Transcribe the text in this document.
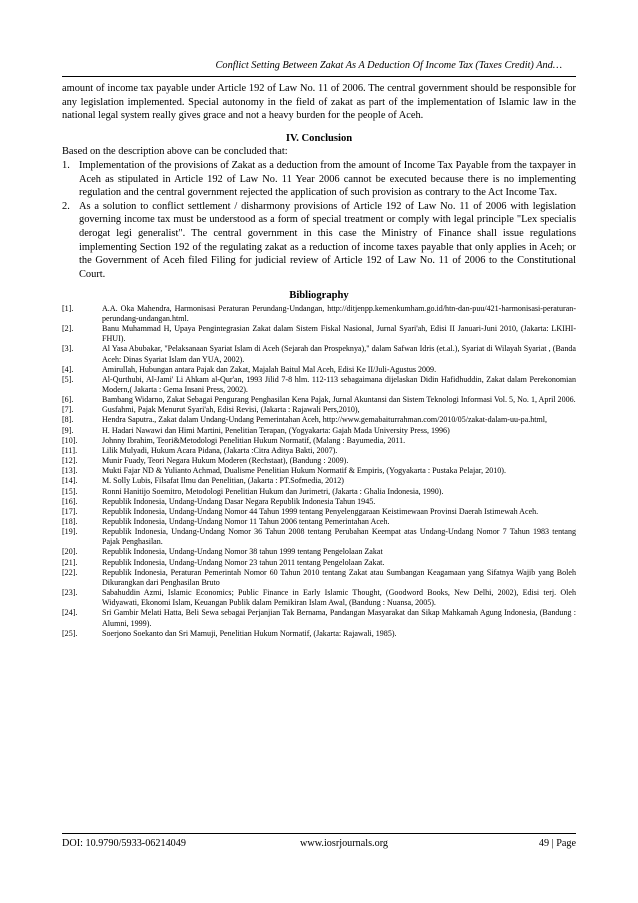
Conflict Setting Between Zakat As A Deduction Of Income Tax (Taxes Credit) And…

amount of income tax payable under Article 192 of Law No. 11 of 2006. The central government should be responsible for any legislation implemented. Special autonomy in the field of zakat as part of the implementation of Islamic law in the national legal system really gives grace and not a heavy burden for the people of Aceh.

IV. Conclusion

Based on the description above can be concluded that:

1. Implementation of the provisions of Zakat as a deduction from the amount of Income Tax Payable from the taxpayer in Aceh as stipulated in Article 192 of Law No. 11 Year 2006 cannot be executed because there is no implementing regulation and the central government rejected the application of such provision as contrary to the Act Income Tax.
2. As a solution to conflict settlement / disharmony provisions of Article 192 of Law No. 11 of 2006 with legislation governing income tax must be understood as a form of special treatment or comply with legal principle "Lex specialis derogat legi generalist". The central government in this case the Ministry of Finance shall issue regulations implementing Section 192 of the regulating zakat as a reduction of income taxes payable that only applies in Aceh; or the Government of Aceh filed Filing for judicial review of Article 192 of Law No. 11 of 2006 to the Constitutional Court.
Bibliography
[1].	A.A. Oka Mahendra, Harmonisasi Peraturan Perundang-Undangan, http://ditjenpp.kemenkumham.go.id/htn-dan-puu/421-harmonisasi-peraturan-perundang-undangan.html.
[2].	Banu Muhammad H, Upaya Pengintegrasian Zakat dalam Sistem Fiskal Nasional, Jurnal Syari'ah, Edisi II Januari-Juni 2010, (Jakarta: LKIHI-FHUI).
[3].	Al Yasa Abubakar, "Pelaksanaan Syariat Islam di Aceh (Sejarah dan Prospeknya)," dalam Safwan Idris (et.al.), Syariat di Wilayah Syariat , (Banda Aceh: Dinas Syariat Islam dan YUA, 2002).
[4].	Amirullah, Hubungan antara Pajak dan Zakat, Majalah Baitul Mal Aceh, Edisi Ke II/Juli-Agustus 2009.
[5].	Al-Qurthubi, Al-Jami' Li Ahkam al-Qur'an, 1993 Jilid 7-8 hlm. 112-113 sebagaimana dijelaskan Didin Hafidhuddin, Zakat dalam Perekonomian Modern,( Jakarta : Gema Insani Press, 2002).
[6].	Bambang Widarno, Zakat Sebagai Pengurang Penghasilan Kena Pajak, Jurnal Akuntansi dan Sistem Teknologi Informasi Vol. 5, No. 1, April 2006.
[7].	Gusfahmi, Pajak Menurut Syari'ah, Edisi Revisi, (Jakarta : Rajawali Pers,2010),
[8].	Hendra Saputra., Zakat dalam Undang-Undang Pemerintahan Aceh, http://www.gemabaiturrahman.com/2010/05/zakat-dalam-uu-pa.html,
[9].	H. Hadari Nawawi dan Himi Martini, Penelitian Terapan, (Yogyakarta: Gajah Mada University Press, 1996)
[10].	Johnny Ibrahim, Teori&Metodologi Penelitian Hukum Normatif, (Malang : Bayumedia, 2011.
[11].	Lilik Mulyadi, Hukum Acara Pidana, (Jakarta :Citra Aditya Bakti, 2007).
[12].	Munir Fuady, Teori Negara Hukum Moderen (Rechstaat), (Bandung : 2009).
[13].	Mukti Fajar ND & Yulianto Achmad, Dualisme Penelitian Hukum Normatif & Empiris, (Yogyakarta : Pustaka Pelajar, 2010).
[14].	M. Solly Lubis, Filsafat Ilmu dan Penelitian, (Jakarta : PT.Sofmedia, 2012)
[15].	Ronni Hanitijo Soemitro, Metodologi Penelitian Hukum dan Jurimetri, (Jakarta : Ghalia Indonesia, 1990).
[16].	Republik Indonesia, Undang-Undang Dasar Negara Republik Indonesia Tahun 1945.
[17].	Republik Indonesia, Undang-Undang Nomor 44 Tahun 1999 tentang Penyelenggaraan Keistimewaan Provinsi Daerah Istimewah Aceh.
[18].	Republik Indonesia, Undang-Undang Nomor 11 Tahun 2006 tentang Pemerintahan Aceh.
[19].	Republik Indonesia, Undang-Undang Nomor 36 Tahun 2008 tentang Perubahan Keempat atas Undang-Undang Nomor 7 Tahun 1983 tentang Pajak Penghasilan.
[20].	Republik Indonesia, Undang-Undang Nomor 38 tahun 1999 tentang Pengelolaan Zakat
[21].	Republik Indonesia, Undang-Undang Nomor 23 tahun 2011 tentang Pengelolaan Zakat.
[22].	Republik Indonesia, Peraturan Pemerintah Nomor 60 Tahun 2010 tentang Zakat atau Sumbangan Keagamaan yang Sifatnya Wajib yang Boleh Dikurangkan dari Penghasilan Bruto
[23].	Sabahuddin Azmi, Islamic Economics; Public Finance in Early Islamic Thought, (Goodword Books, New Delhi, 2002), Edisi terj. Oleh Widyawati, Ekonomi Islam, Keuangan Publik dalam Pemikiran Islam Awal, (Bandung : Nuansa, 2005).
[24].	Sri Gambir Melati Hatta, Beli Sewa sebagai Perjanjian Tak Bernama, Pandangan Masyarakat dan Sikap Mahkamah Agung Indonesia, (Bandung : Alumni, 1999).
[25].	Soerjono Soekanto dan Sri Mamuji, Penelitian Hukum Normatif, (Jakarta: Rajawali, 1985).
DOI: 10.9790/5933-06214049	www.iosrjournals.org	49 | Page
